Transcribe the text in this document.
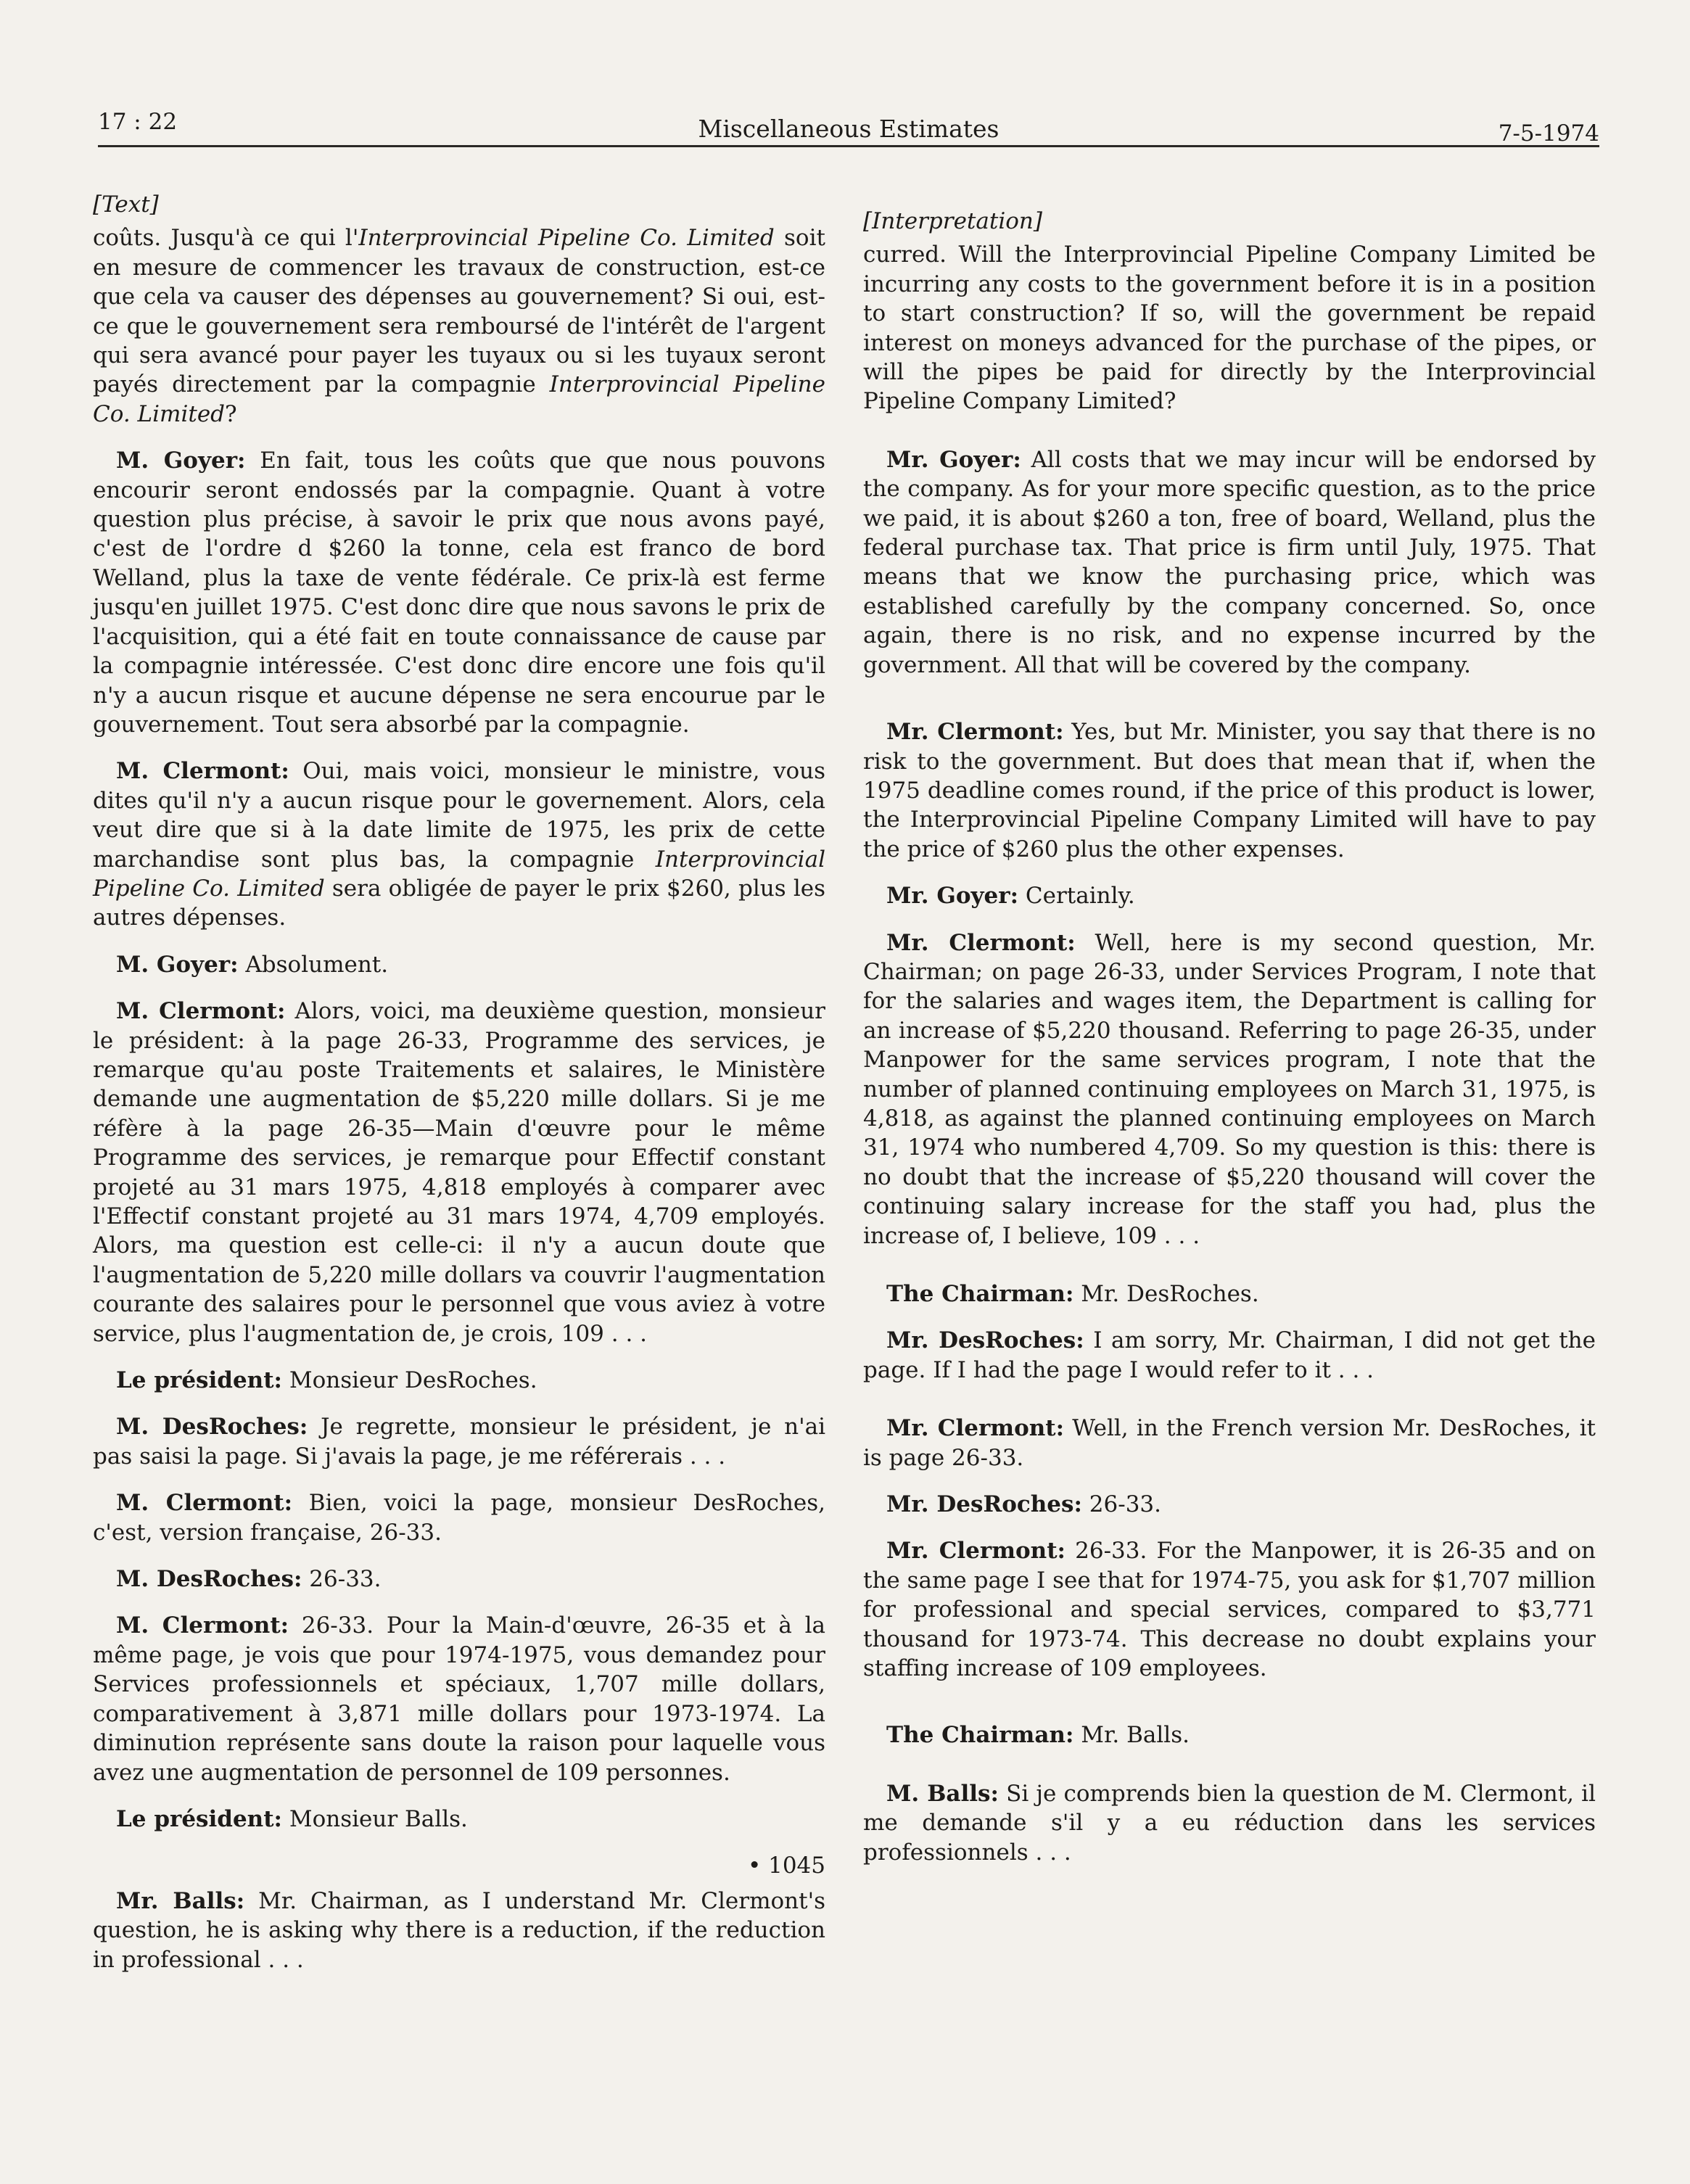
17 : 22	Miscellaneous Estimates	7-5-1974

[Text]

coûts. Jusqu'à ce qui l'Interprovincial Pipeline Co. Limited soit en mesure de commencer les travaux de construction, est-ce que cela va causer des dépenses au gouvernement? Si oui, est-ce que le gouvernement sera remboursé de l'intérêt de l'argent qui sera avancé pour payer les tuyaux ou si les tuyaux seront payés directement par la compagnie Interprovincial Pipeline Co. Limited?

M. Goyer: En fait, tous les coûts que que nous pouvons encourir seront endossés par la compagnie. Quant à votre question plus précise, à savoir le prix que nous avons payé, c'est de l'ordre d $260 la tonne, cela est franco de bord Welland, plus la taxe de vente fédérale. Ce prix-là est ferme jusqu'en juillet 1975. C'est donc dire que nous savons le prix de l'acquisition, qui a été fait en toute connaissance de cause par la compagnie intéressée. C'est donc dire encore une fois qu'il n'y a aucun risque et aucune dépense ne sera encourue par le gouvernement. Tout sera absorbé par la compagnie.

M. Clermont: Oui, mais voici, monsieur le ministre, vous dites qu'il n'y a aucun risque pour le governement. Alors, cela veut dire que si à la date limite de 1975, les prix de cette marchandise sont plus bas, la compagnie Interprovincial Pipeline Co. Limited sera obligée de payer le prix $260, plus les autres dépenses.

M. Goyer: Absolument.

M. Clermont: Alors, voici, ma deuxième question, monsieur le président: à la page 26-33, Programme des services, je remarque qu'au poste Traitements et salaires, le Ministère demande une augmentation de $5,220 mille dollars. Si je me réfère à la page 26-35—Main d'œuvre pour le même Programme des services, je remarque pour Effectif constant projeté au 31 mars 1975, 4,818 employés à comparer avec l'Effectif constant projeté au 31 mars 1974, 4,709 employés. Alors, ma question est celle-ci: il n'y a aucun doute que l'augmentation de 5,220 mille dollars va couvrir l'augmentation courante des salaires pour le personnel que vous aviez à votre service, plus l'augmentation de, je crois, 109 . . .

Le président: Monsieur DesRoches.

M. DesRoches: Je regrette, monsieur le président, je n'ai pas saisi la page. Si j'avais la page, je me référerais . . .

M. Clermont: Bien, voici la page, monsieur DesRoches, c'est, version française, 26-33.

M. DesRoches: 26-33.

M. Clermont: 26-33. Pour la Main-d'œuvre, 26-35 et à la même page, je vois que pour 1974-1975, vous demandez pour Services professionnels et spéciaux, 1,707 mille dollars, comparativement à 3,871 mille dollars pour 1973-1974. La diminution représente sans doute la raison pour laquelle vous avez une augmentation de personnel de 109 personnes.

Le président: Monsieur Balls.

• 1045

Mr. Balls: Mr. Chairman, as I understand Mr. Clermont's question, he is asking why there is a reduction, if the reduction in professional . . .

[Interpretation]

curred. Will the Interprovincial Pipeline Company Limited be incurring any costs to the government before it is in a position to start construction? If so, will the government be repaid interest on moneys advanced for the purchase of the pipes, or will the pipes be paid for directly by the Interprovincial Pipeline Company Limited?

Mr. Goyer: All costs that we may incur will be endorsed by the company. As for your more specific question, as to the price we paid, it is about $260 a ton, free of board, Welland, plus the federal purchase tax. That price is firm until July, 1975. That means that we know the purchasing price, which was established carefully by the company concerned. So, once again, there is no risk, and no expense incurred by the government. All that will be covered by the company.

Mr. Clermont: Yes, but Mr. Minister, you say that there is no risk to the government. But does that mean that if, when the 1975 deadline comes round, if the price of this product is lower, the Interprovincial Pipeline Company Limited will have to pay the price of $260 plus the other expenses.

Mr. Goyer: Certainly.

Mr. Clermont: Well, here is my second question, Mr. Chairman; on page 26-33, under Services Program, I note that for the salaries and wages item, the Department is calling for an increase of $5,220 thousand. Referring to page 26-35, under Manpower for the same services program, I note that the number of planned continuing employees on March 31, 1975, is 4,818, as against the planned continuing employees on March 31, 1974 who numbered 4,709. So my question is this: there is no doubt that the increase of $5,220 thousand will cover the continuing salary increase for the staff you had, plus the increase of, I believe, 109 . . .

The Chairman: Mr. DesRoches.

Mr. DesRoches: I am sorry, Mr. Chairman, I did not get the page. If I had the page I would refer to it . . .

Mr. Clermont: Well, in the French version Mr. DesRoches, it is page 26-33.

Mr. DesRoches: 26-33.

Mr. Clermont: 26-33. For the Manpower, it is 26-35 and on the same page I see that for 1974-75, you ask for $1,707 million for professional and special services, compared to $3,771 thousand for 1973-74. This decrease no doubt explains your staffing increase of 109 employees.

The Chairman: Mr. Balls.

M. Balls: Si je comprends bien la question de M. Clermont, il me demande s'il y a eu réduction dans les services professionnels . . .
